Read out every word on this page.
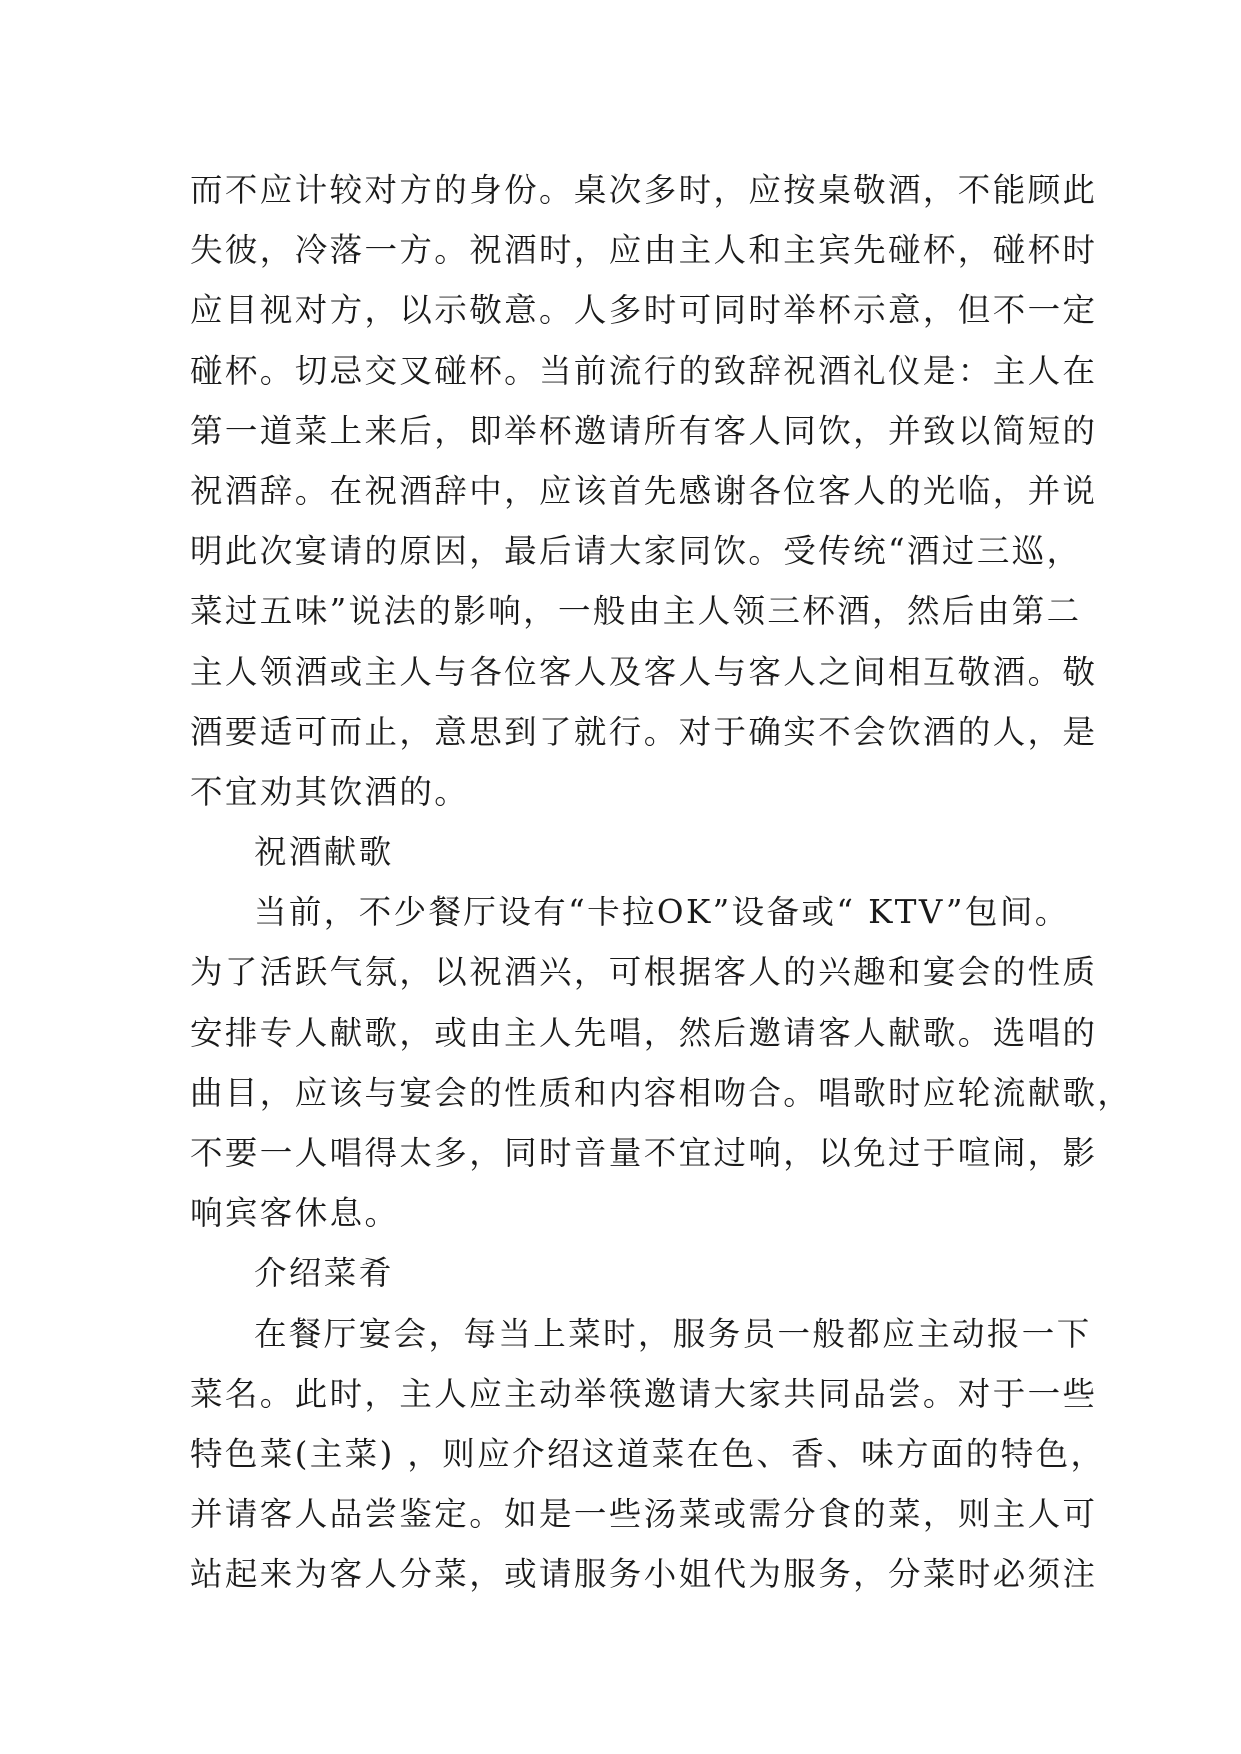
而不应计较对方的身份。桌次多时，应按桌敬酒，不能顾此
失彼，冷落一方。祝酒时，应由主人和主宾先碰杯，碰杯时
应目视对方，以示敬意。人多时可同时举杯示意，但不一定
碰杯。切忌交叉碰杯。当前流行的致辞祝酒礼仪是：主人在
第一道菜上来后，即举杯邀请所有客人同饮，并致以简短的
祝酒辞。在祝酒辞中，应该首先感谢各位客人的光临，并说
明此次宴请的原因，最后请大家同饮。受传统“酒过三巡，
菜过五味”说法的影响，一般由主人领三杯酒，然后由第二
主人领酒或主人与各位客人及客人与客人之间相互敬酒。敬
酒要适可而止，意思到了就行。对于确实不会饮酒的人，是
不宜劝其饮酒的。
祝酒献歌
当前，不少餐厅设有“卡拉OK”设备或“ KTV”包间。
为了活跃气氛，以祝酒兴，可根据客人的兴趣和宴会的性质
安排专人献歌，或由主人先唱，然后邀请客人献歌。选唱的
曲目，应该与宴会的性质和内容相吻合。唱歌时应轮流献歌，
不要一人唱得太多，同时音量不宜过响，以免过于喧闹，影
响宾客休息。
介绍菜肴
在餐厅宴会，每当上菜时，服务员一般都应主动报一下
菜名。此时，主人应主动举筷邀请大家共同品尝。对于一些
特色菜(主菜) ，则应介绍这道菜在色、香、味方面的特色，
并请客人品尝鉴定。如是一些汤菜或需分食的菜，则主人可
站起来为客人分菜，或请服务小姐代为服务，分菜时必须注
